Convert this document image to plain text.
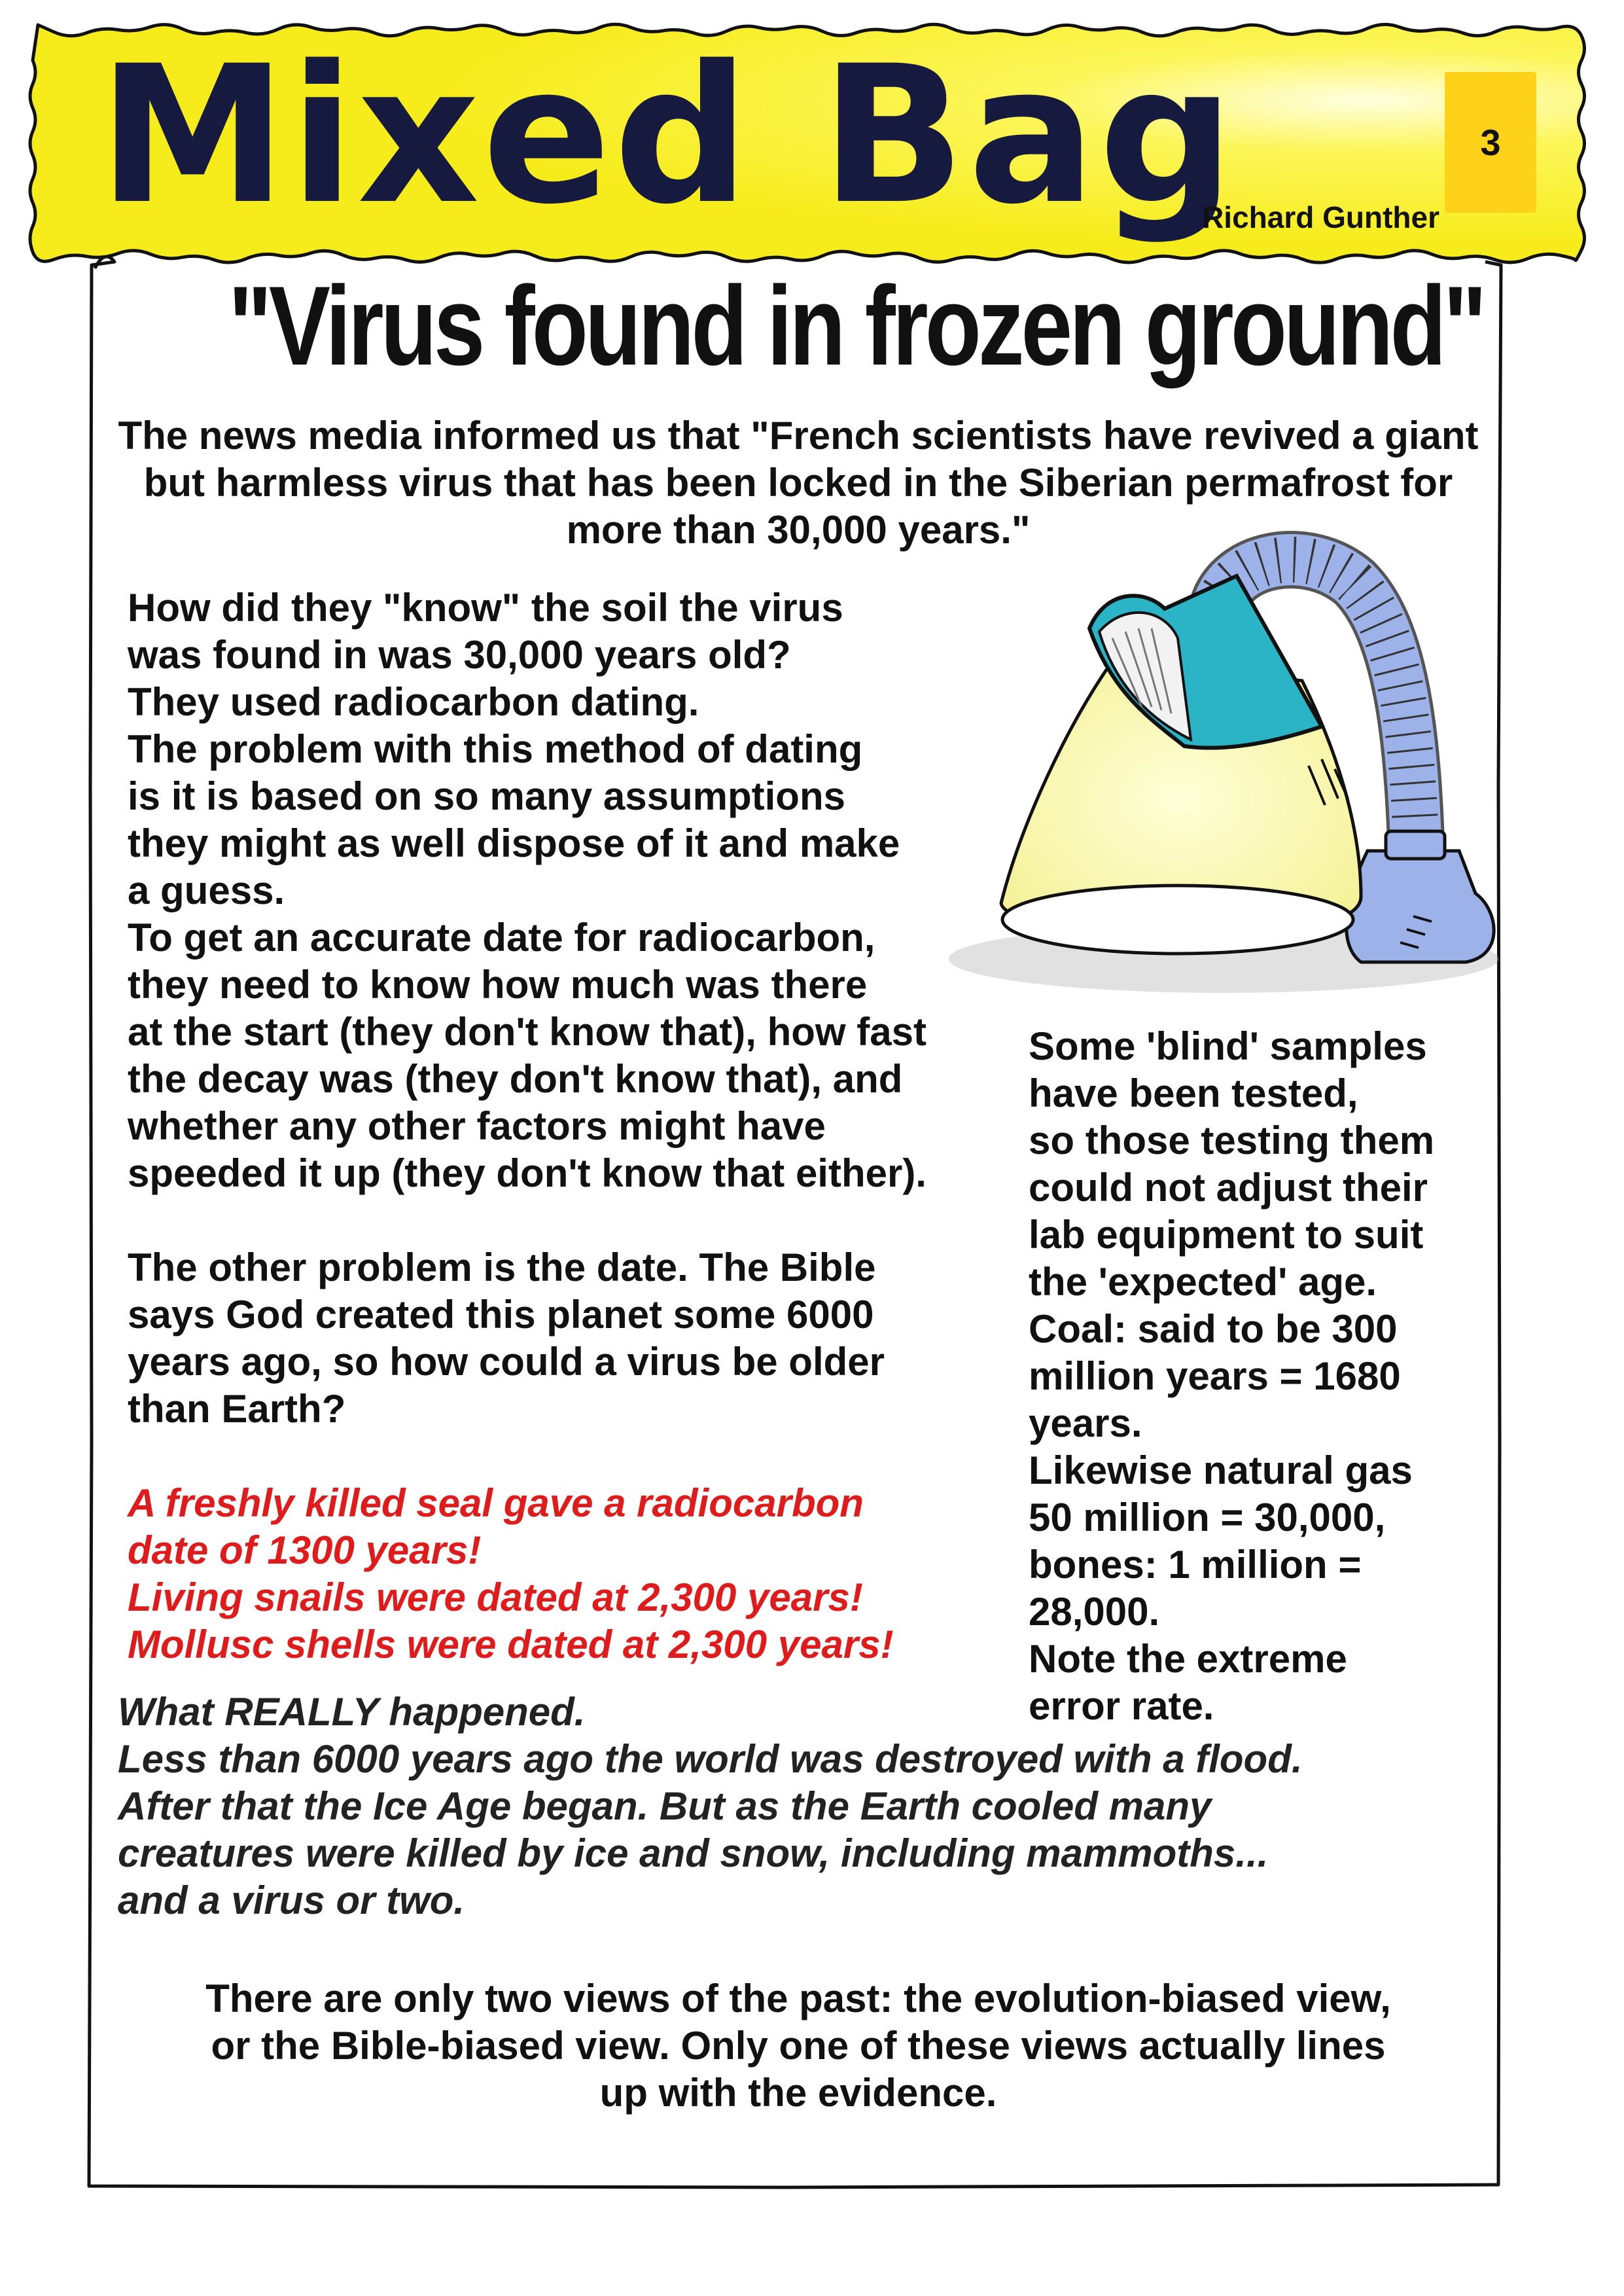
Mixed Bag	3
Richard Gunther
"Virus found in frozen ground"

The news media informed us that "French scientists have revived a giant but harmless virus that has been locked in the Siberian permafrost for more than 30,000 years."

How did they "know" the soil the virus
was found in was 30,000 years old?
They used radiocarbon dating.
The problem with this method of dating
is it is based on so many assumptions
they might as well dispose of it and make
a guess.
To get an accurate date for radiocarbon,
they need to know how much was there
at the start (they don't know that), how fast
the decay was (they don't know that), and
whether any other factors might have
speeded it up (they don't know that either).

The other problem is the date. The Bible
says God created this planet some 6000
years ago, so how could a virus be older
than Earth?

A freshly killed seal gave a radiocarbon
date of 1300 years!
Living snails were dated at 2,300 years!
Mollusc shells were dated at 2,300 years!

Some 'blind' samples
have been tested,
so those testing them
could not adjust their
lab equipment to suit
the 'expected' age.
Coal: said to be 300
million years = 1680
years.
Likewise natural gas
50 million = 30,000,
bones: 1 million =
28,000.
Note the extreme
error rate.
What REALLY happened.
Less than 6000 years ago the world was destroyed with a flood.
After that the Ice Age began. But as the Earth cooled many
creatures were killed by ice and snow, including mammoths...
and a virus or two.
There are only two views of the past: the evolution-biased view,
or the Bible-biased view. Only one of these views actually lines
up with the evidence.
